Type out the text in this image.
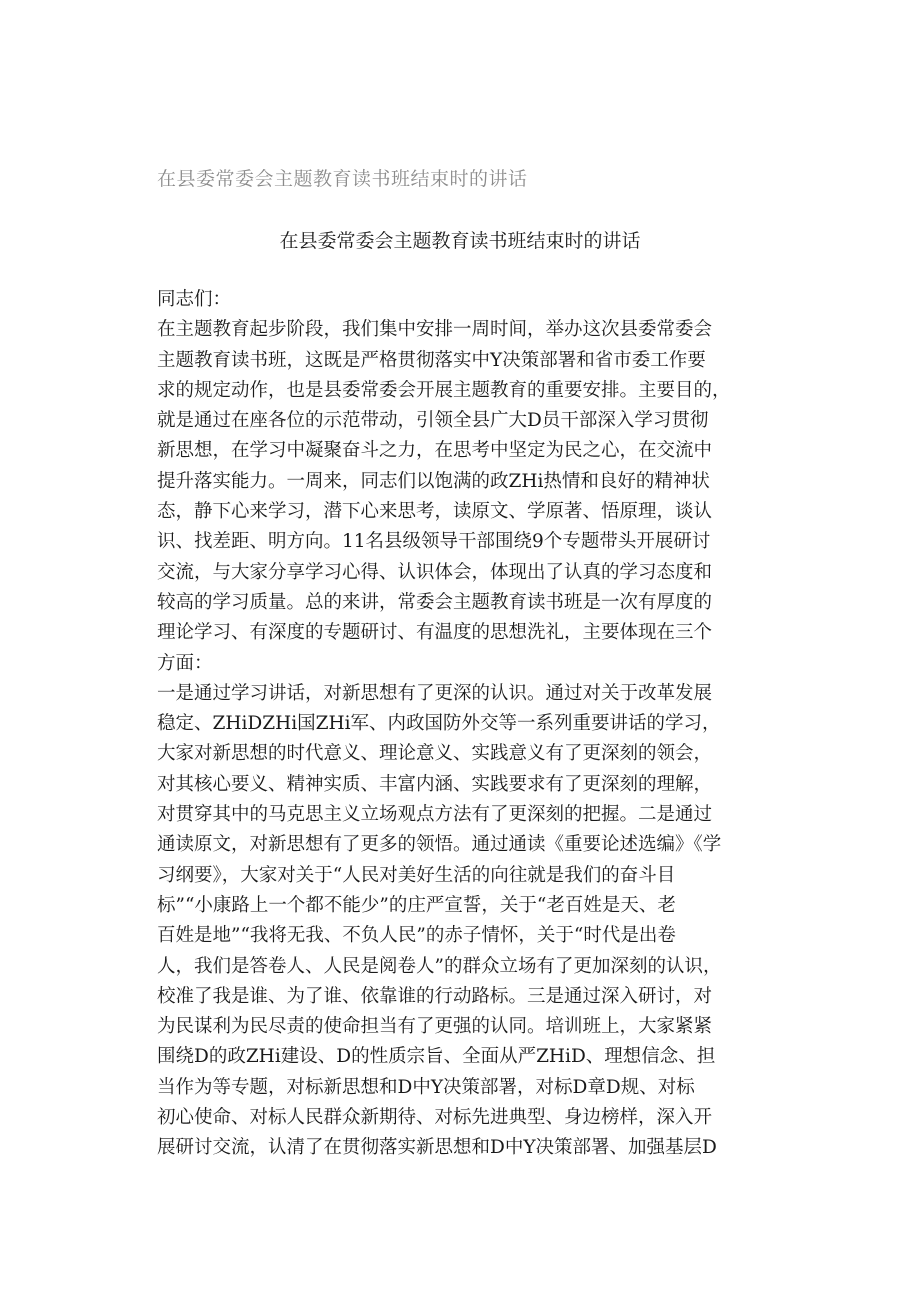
在县委常委会主题教育读书班结束时的讲话
在县委常委会主题教育读书班结束时的讲话
同志们：
在主题教育起步阶段，我们集中安排一周时间，举办这次县委常委会
主题教育读书班，这既是严格贯彻落实中Y决策部署和省市委工作要
求的规定动作，也是县委常委会开展主题教育的重要安排。主要目的，
就是通过在座各位的示范带动，引领全县广大D员干部深入学习贯彻
新思想，在学习中凝聚奋斗之力，在思考中坚定为民之心，在交流中
提升落实能力。一周来，同志们以饱满的政ZHi热情和良好的精神状
态，静下心来学习，潜下心来思考，读原文、学原著、悟原理，谈认
识、找差距、明方向。11名县级领导干部围绕9个专题带头开展研讨
交流，与大家分享学习心得、认识体会，体现出了认真的学习态度和
较高的学习质量。总的来讲，常委会主题教育读书班是一次有厚度的
理论学习、有深度的专题研讨、有温度的思想洗礼，主要体现在三个
方面：
一是通过学习讲话，对新思想有了更深的认识。通过对关于改革发展
稳定、ZHiDZHi国ZHi军、内政国防外交等一系列重要讲话的学习，
大家对新思想的时代意义、理论意义、实践意义有了更深刻的领会，
对其核心要义、精神实质、丰富内涵、实践要求有了更深刻的理解，
对贯穿其中的马克思主义立场观点方法有了更深刻的把握。二是通过
通读原文，对新思想有了更多的领悟。通过通读《重要论述选编》《学
习纲要》，大家对关于“人民对美好生活的向往就是我们的奋斗目
标”“小康路上一个都不能少”的庄严宣誓，关于“老百姓是天、老
百姓是地”“我将无我、不负人民”的赤子情怀，关于“时代是出卷
人，我们是答卷人、人民是阅卷人”的群众立场有了更加深刻的认识，
校准了我是谁、为了谁、依靠谁的行动路标。三是通过深入研讨，对
为民谋利为民尽责的使命担当有了更强的认同。培训班上，大家紧紧
围绕D的政ZHi建设、D的性质宗旨、全面从严ZHiD、理想信念、担
当作为等专题，对标新思想和D中Y决策部署，对标D章D规、对标
初心使命、对标人民群众新期待、对标先进典型、身边榜样，深入开
展研讨交流，认清了在贯彻落实新思想和D中Y决策部署、加强基层D
